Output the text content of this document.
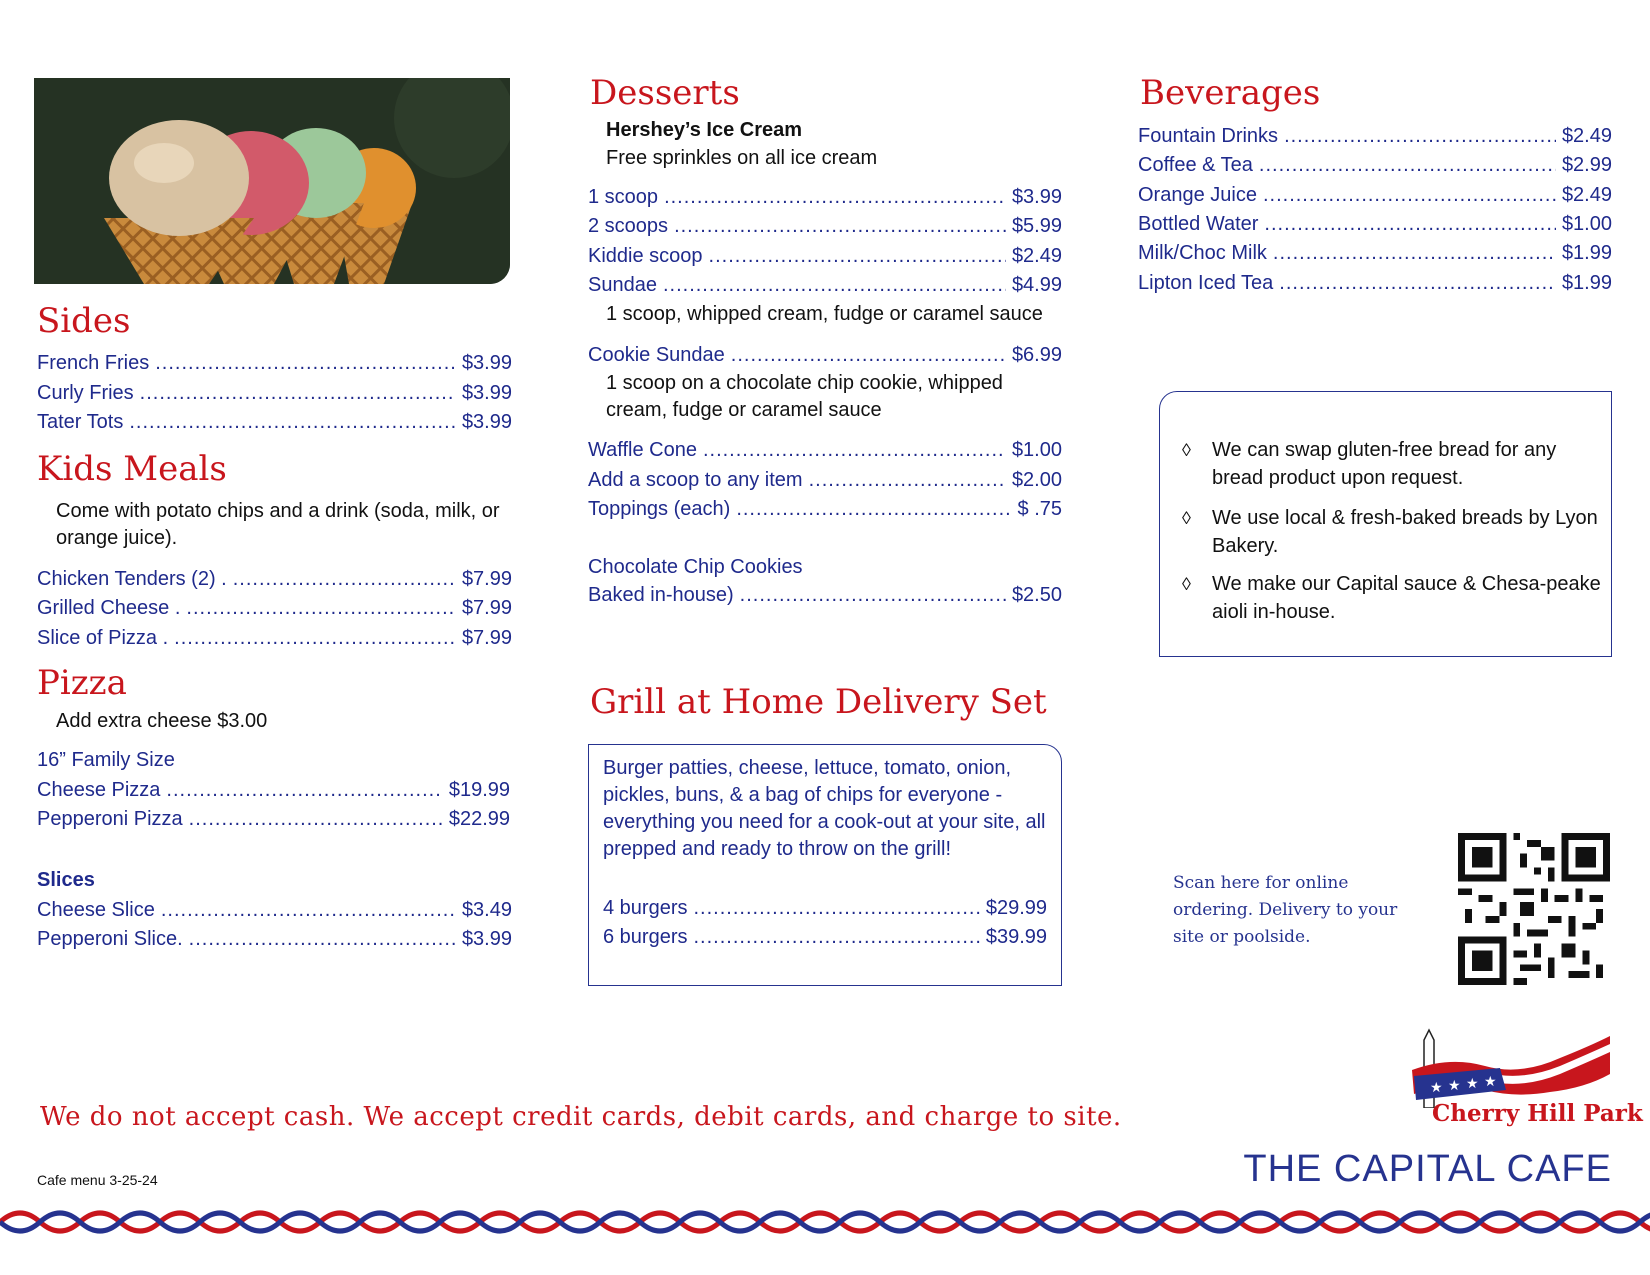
Sides
French Fries .....	$3.99
Curly Fries .....	$3.99
Tater Tots .....	$3.99
Kids Meals
Come with potato chips and a drink (soda, milk, or orange juice).
Chicken Tenders (2) . .....	$7.99
Grilled Cheese . .....	$7.99
Slice of Pizza . .....	$7.99
Pizza
Add extra cheese $3.00
16” Family Size
Cheese Pizza .....	$19.99
Pepperoni Pizza .....	$22.99
Slices
Cheese Slice .....	$3.49
Pepperoni Slice. .....	$3.99
Desserts
Hershey’s Ice Cream
Free sprinkles on all ice cream
1 scoop .....	$3.99
2 scoops .....	$5.99
Kiddie scoop .....	$2.49
Sundae .....	$4.99
1 scoop, whipped cream, fudge or caramel sauce
Cookie Sundae .....	$6.99
1 scoop on a chocolate chip cookie, whipped cream, fudge or caramel sauce
Waffle Cone .....	$1.00
Add a scoop to any item .....	$2.00
Toppings (each) .....	$ .75
Chocolate Chip Cookies
Baked in-house) .....	$2.50
Grill at Home Delivery Set
Burger patties, cheese, lettuce, tomato, onion, pickles, buns, & a bag of chips for everyone - everything you need for a cook-out at your site, all prepped and ready to throw on the grill!
4 burgers .....	$29.99
6 burgers .....	$39.99
Beverages
Fountain Drinks .....	$2.49
Coffee & Tea .....	$2.99
Orange Juice .....	$2.49
Bottled Water .....	$1.00
Milk/Choc Milk .....	$1.99
Lipton Iced Tea .....	$1.99
◊	We can swap gluten-free bread for any bread product upon request.
◊	We use local & fresh-baked breads by Lyon Bakery.
◊	We make our Capital sauce & Chesa-peake aioli in-house.
Scan here for online ordering. Delivery to your site or poolside.
We do not accept cash. We accept credit cards, debit cards, and charge to site.
Cafe menu 3-25-24
★ ★ ★ ★
Cherry Hill Park
THE CAPITAL CAFE
